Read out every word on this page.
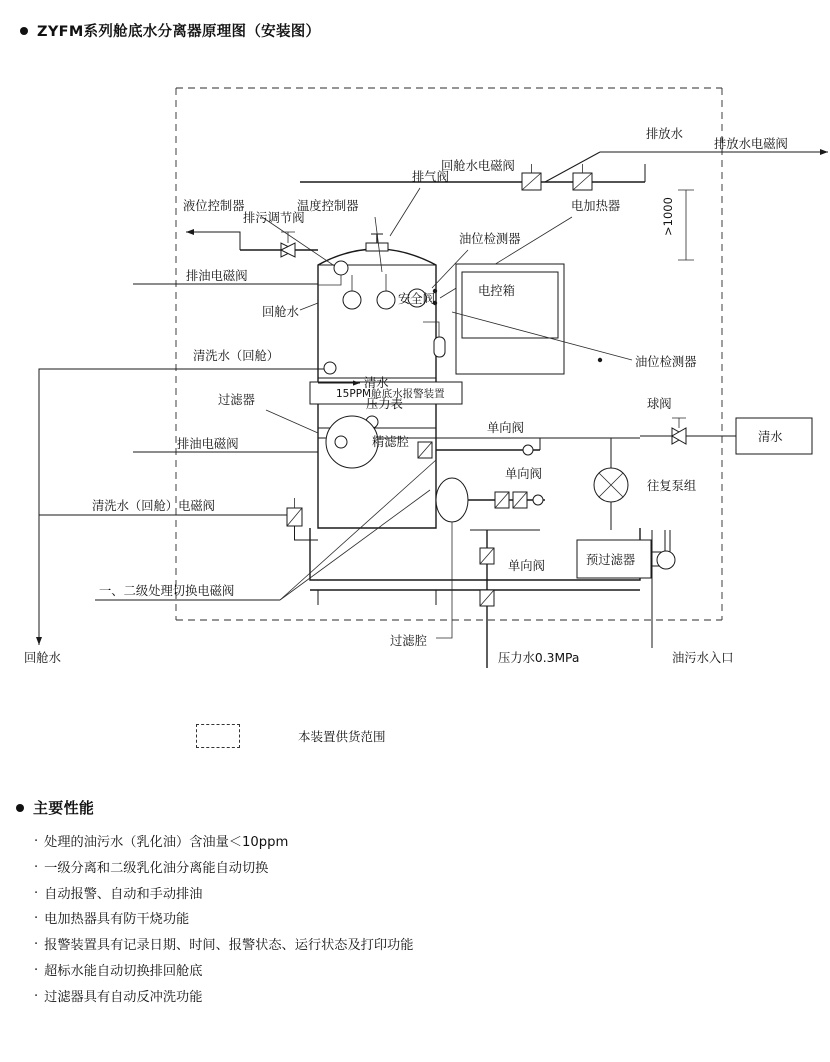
ZYFM系列舱底水分离器原理图（安装图）
排放水电磁阀
排放水
回舱水电磁阀
排气阀
15PPM舱底水报警装置
液位控制器	温度控制器
油位检测器
电加热器
安全阀
电控箱
排污调节阀
排油电磁阀
回舱水
清洗水（回舱）
清水
过滤器	压力表
精滤腔
排油电磁阀
清洗水（回舱）电磁阀
一、二级处理切换电磁阀
回舱水
油位检测器
球阀
清水
往复泵组
>1000
单向阀
单向阀
单向阀	预过滤器
过滤腔
压力水0.3MPa	油污水入口
本装置供货范围
主要性能
· 处理的油污水（乳化油）含油量＜10ppm
· 一级分离和二级乳化油分离能自动切换
· 自动报警、自动和手动排油
· 电加热器具有防干烧功能
· 报警装置具有记录日期、时间、报警状态、运行状态及打印功能
· 超标水能自动切换排回舱底
· 过滤器具有自动反冲洗功能
